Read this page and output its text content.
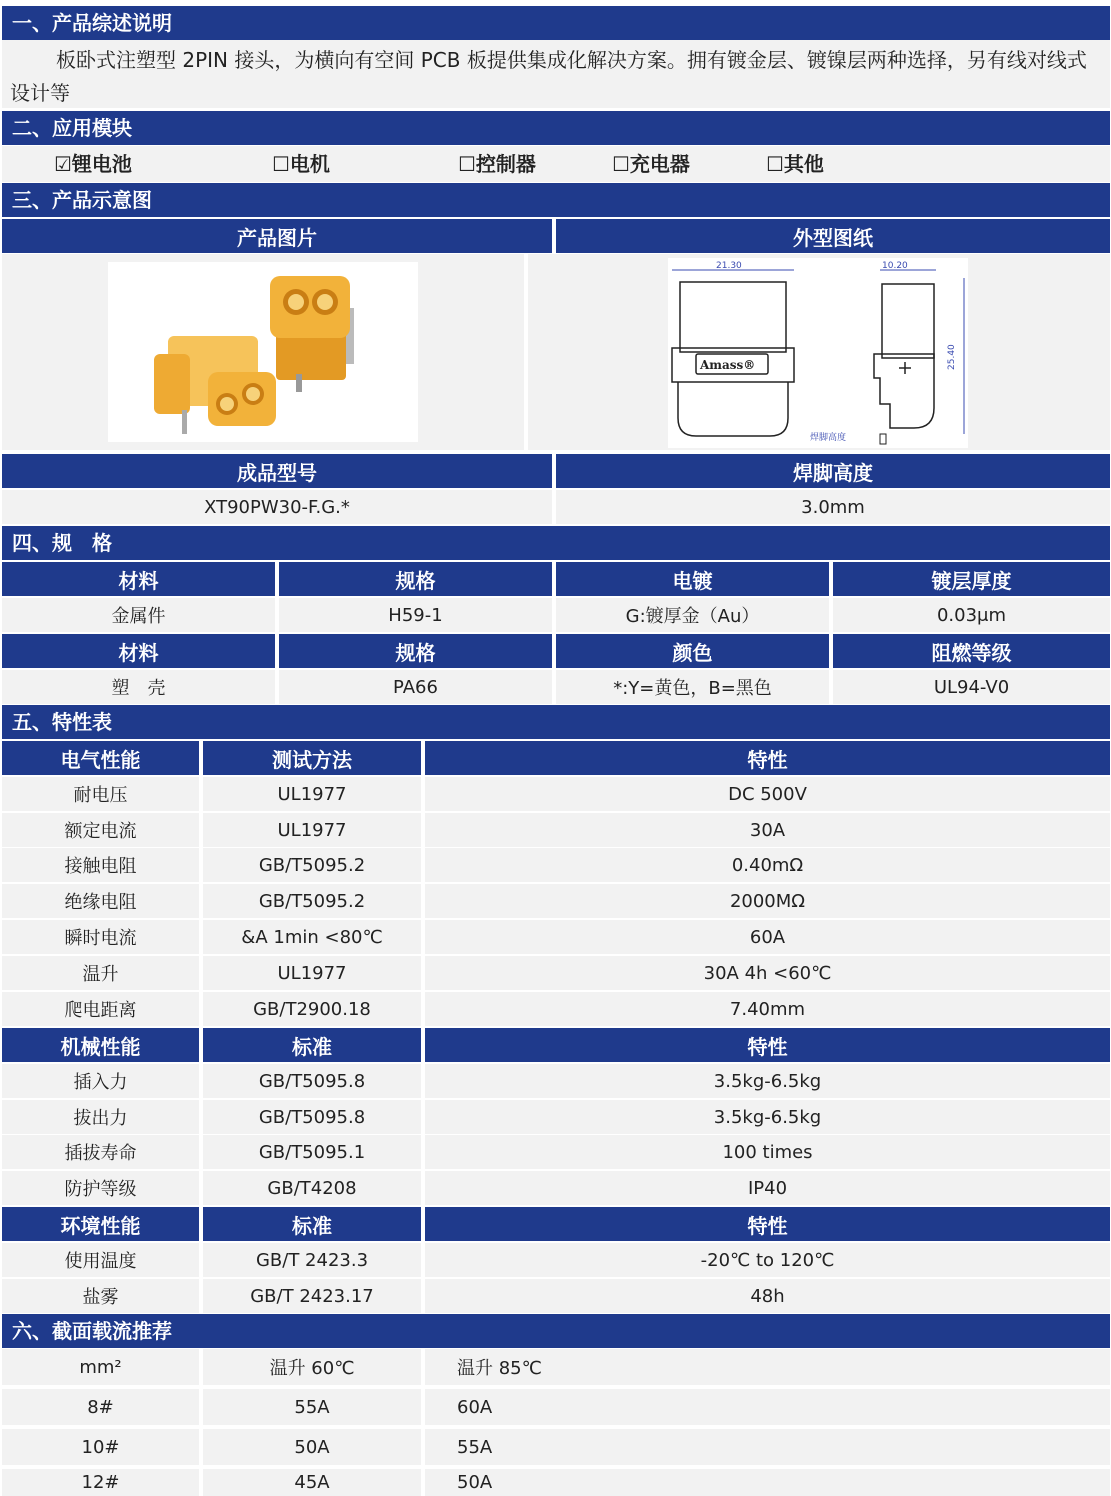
一、产品综述说明
板卧式注塑型 2PIN 接头，为横向有空间 PCB 板提供集成化解决方案。拥有镀金层、镀镍层两种选择，另有线对线式设计等
二、应用模块
☑锂电池	☐电机	☐控制器	☐充电器	☐其他
三、产品示意图
产品图片	外型图纸
21.30
Amass®
10.20
25.40
焊脚高度
成品型号	焊脚高度
XT90PW30-F.G.*	3.0mm
四、规　格
材料	规格	电镀	镀层厚度
金属件	H59-1	G:镀厚金（Au）	0.03μm
材料	规格	颜色	阻燃等级
塑　壳	PA66	*:Y=黄色，B=黑色	UL94-V0
五、特性表
电气性能	测试方法	特性
耐电压	UL1977	DC 500V
额定电流	UL1977	30A
接触电阻	GB/T5095.2	0.40mΩ
绝缘电阻	GB/T5095.2	2000MΩ
瞬时电流	&A 1min <80℃	60A
温升	UL1977	30A 4h <60℃
爬电距离	GB/T2900.18	7.40mm
机械性能	标准	特性
插入力	GB/T5095.8	3.5kg-6.5kg
拔出力	GB/T5095.8	3.5kg-6.5kg
插拔寿命	GB/T5095.1	100 times
防护等级	GB/T4208	IP40
环境性能	标准	特性
使用温度	GB/T 2423.3	-20℃ to 120℃
盐雾	GB/T 2423.17	48h
六、截面载流推荐
mm²	温升 60℃	温升 85℃
8#	55A	60A
10#	50A	55A
12#	45A	50A
